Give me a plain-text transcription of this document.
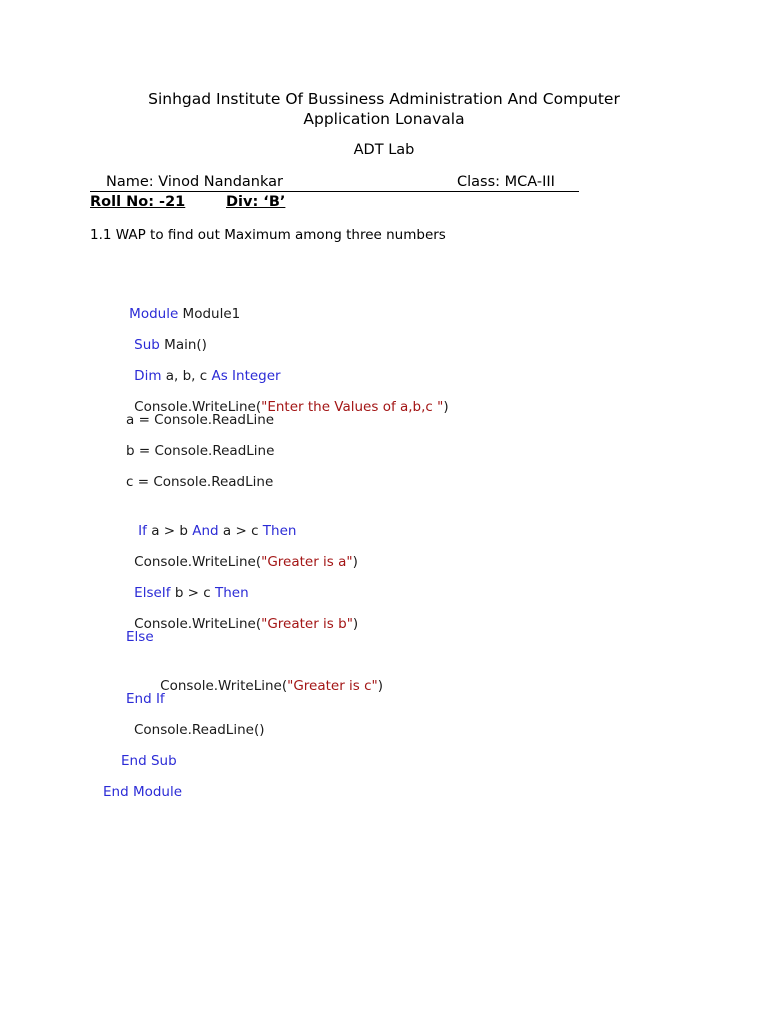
Sinhgad Institute Of Bussiness Administration And Computer
Application Lonavala
ADT Lab
Name: Vinod Nandankar	Class: MCA-III
Roll No: -21	Div: ‘B’
1.1 WAP to find out Maximum among three numbers

Module Module1

Sub Main()

Dim a, b, c As Integer

Console.WriteLine("Enter the Values of a,b,c ")

a = Console.ReadLine
b = Console.ReadLine
c = Console.ReadLine

If a > b And a > c Then

Console.WriteLine("Greater is a")

ElseIf b > c Then

Console.WriteLine("Greater is b")

Else

Console.WriteLine("Greater is c")

End If
Console.ReadLine()
End Sub
End Module
